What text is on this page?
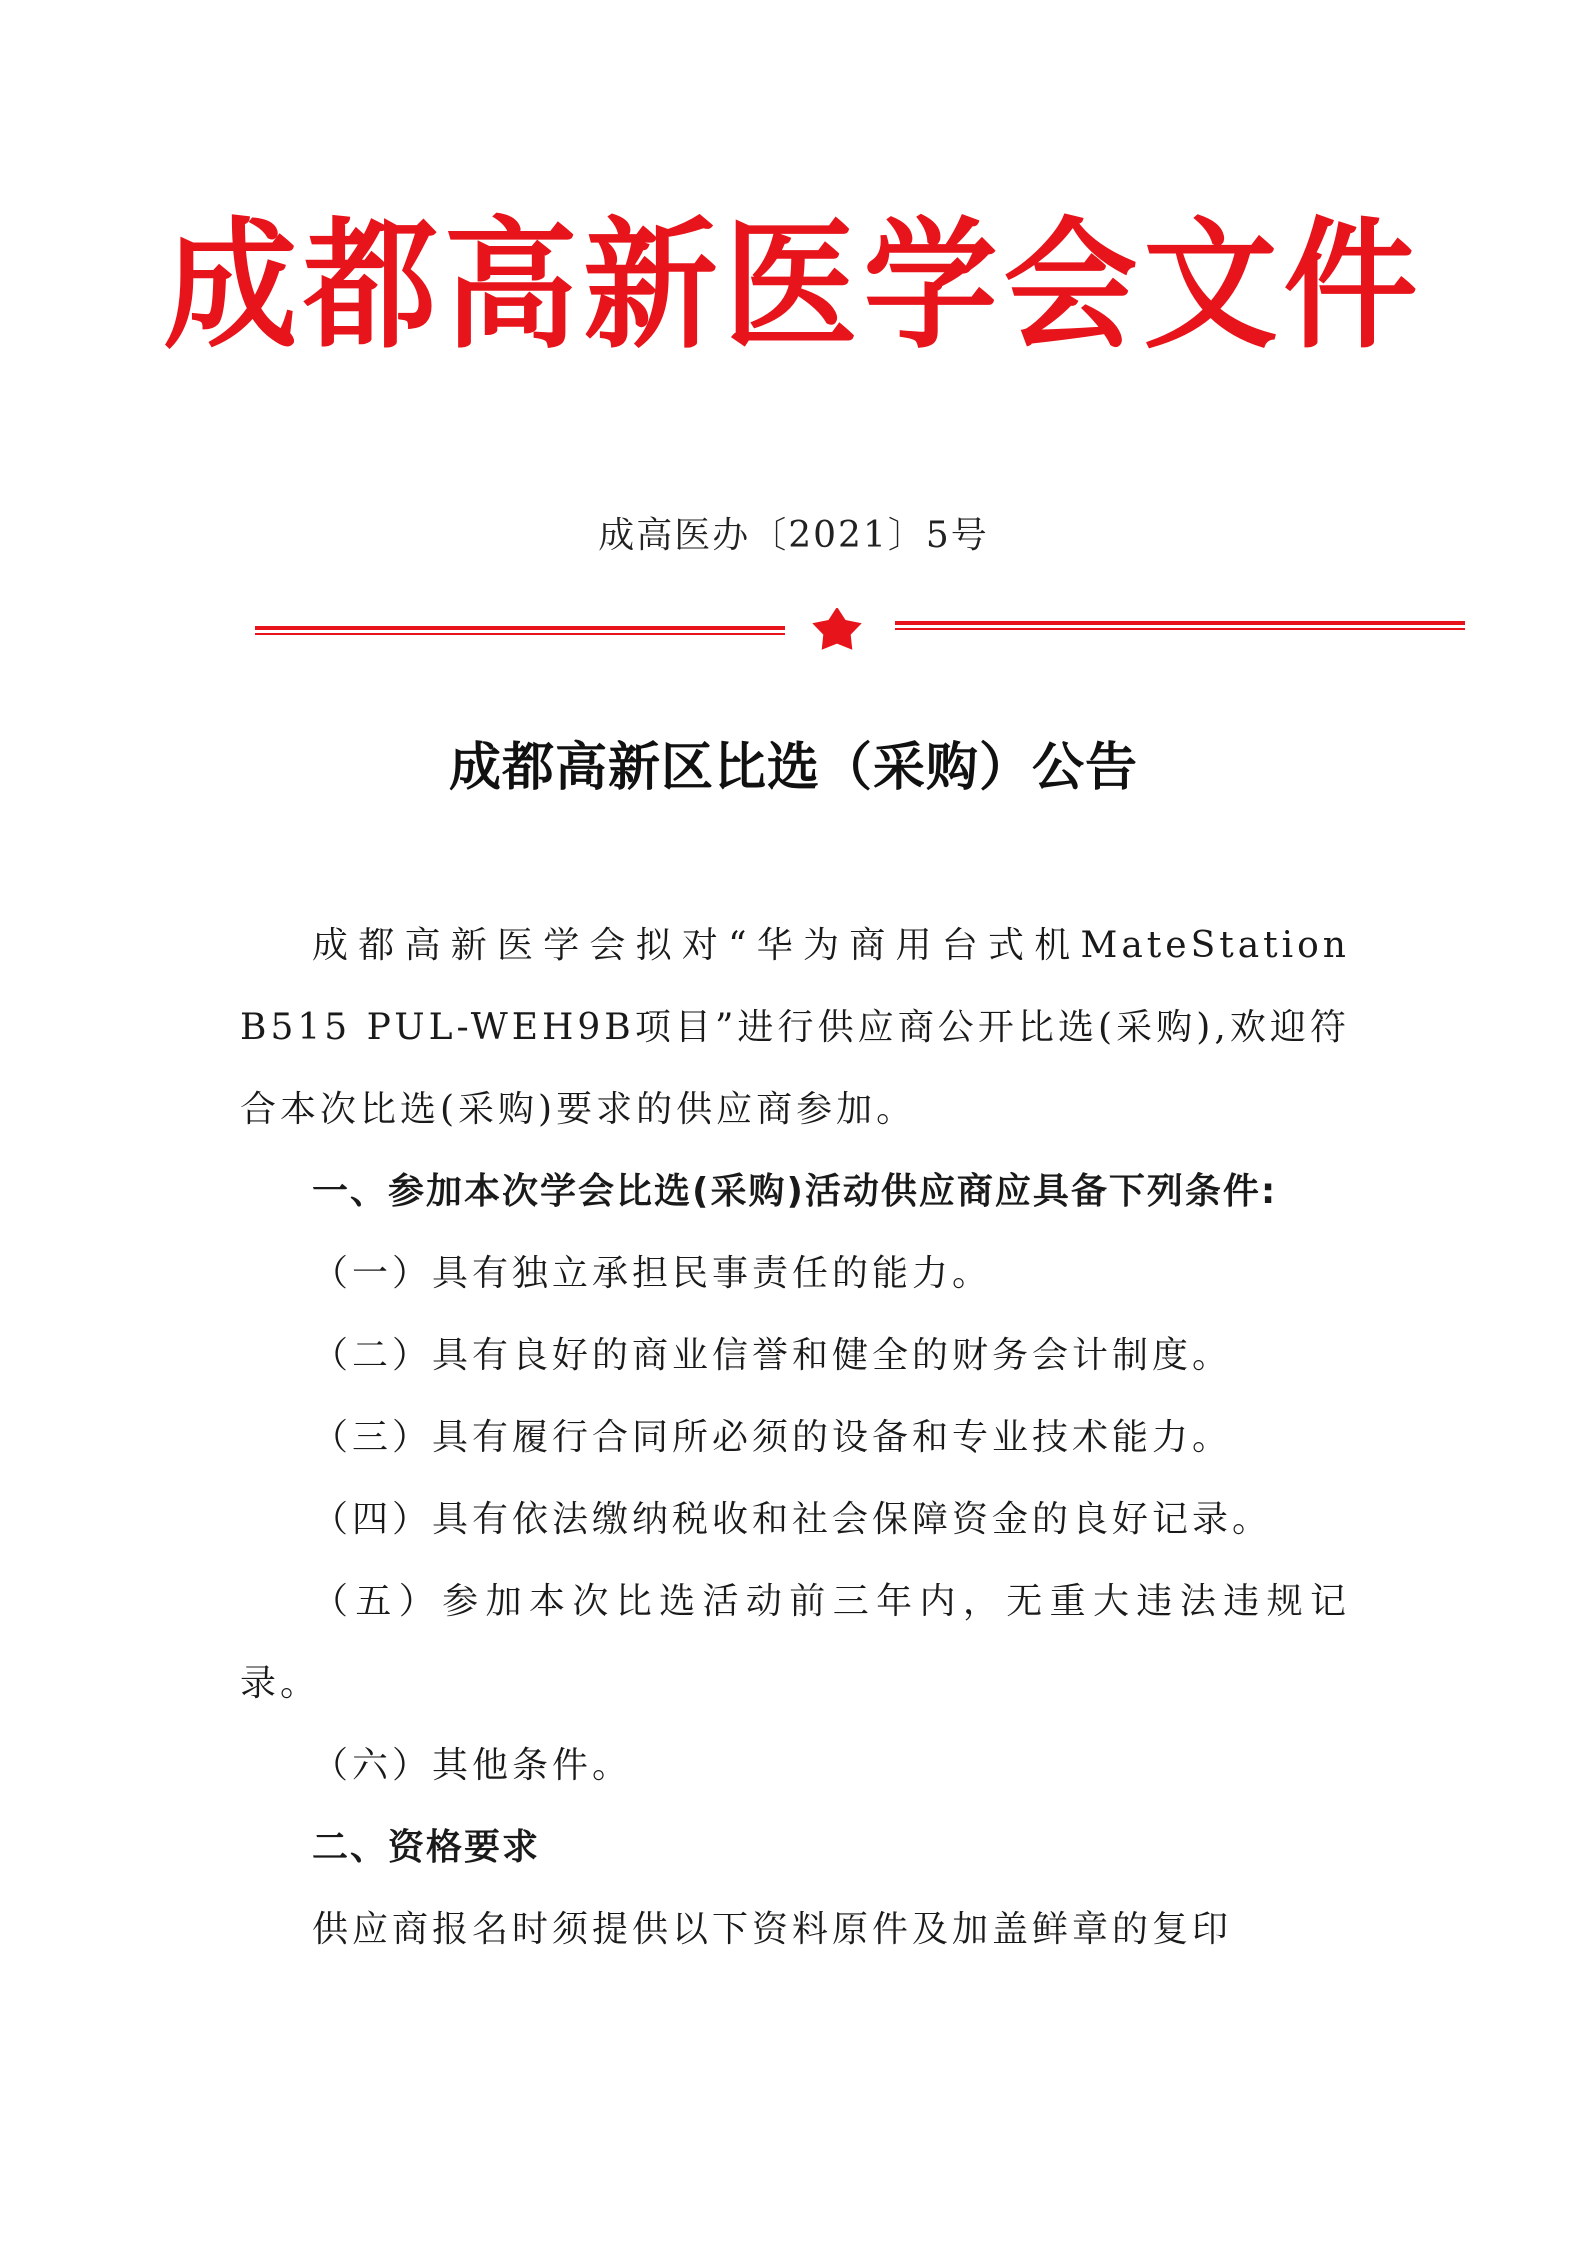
成都高新医学会文件
成高医办〔2021〕5号
成都高新区比选（采购）公告

成都高新医学会拟对“华为商用台式机MateStation B515 PUL-WEH9B项目”进行供应商公开比选(采购),欢迎符合本次比选(采购)要求的供应商参加。

一、参加本次学会比选(采购)活动供应商应具备下列条件:

（一）具有独立承担民事责任的能力。

（二）具有良好的商业信誉和健全的财务会计制度。

（三）具有履行合同所必须的设备和专业技术能力。

（四）具有依法缴纳税收和社会保障资金的良好记录。

（五）参加本次比选活动前三年内，无重大违法违规记录。

（六）其他条件。

二、资格要求

供应商报名时须提供以下资料原件及加盖鲜章的复印
